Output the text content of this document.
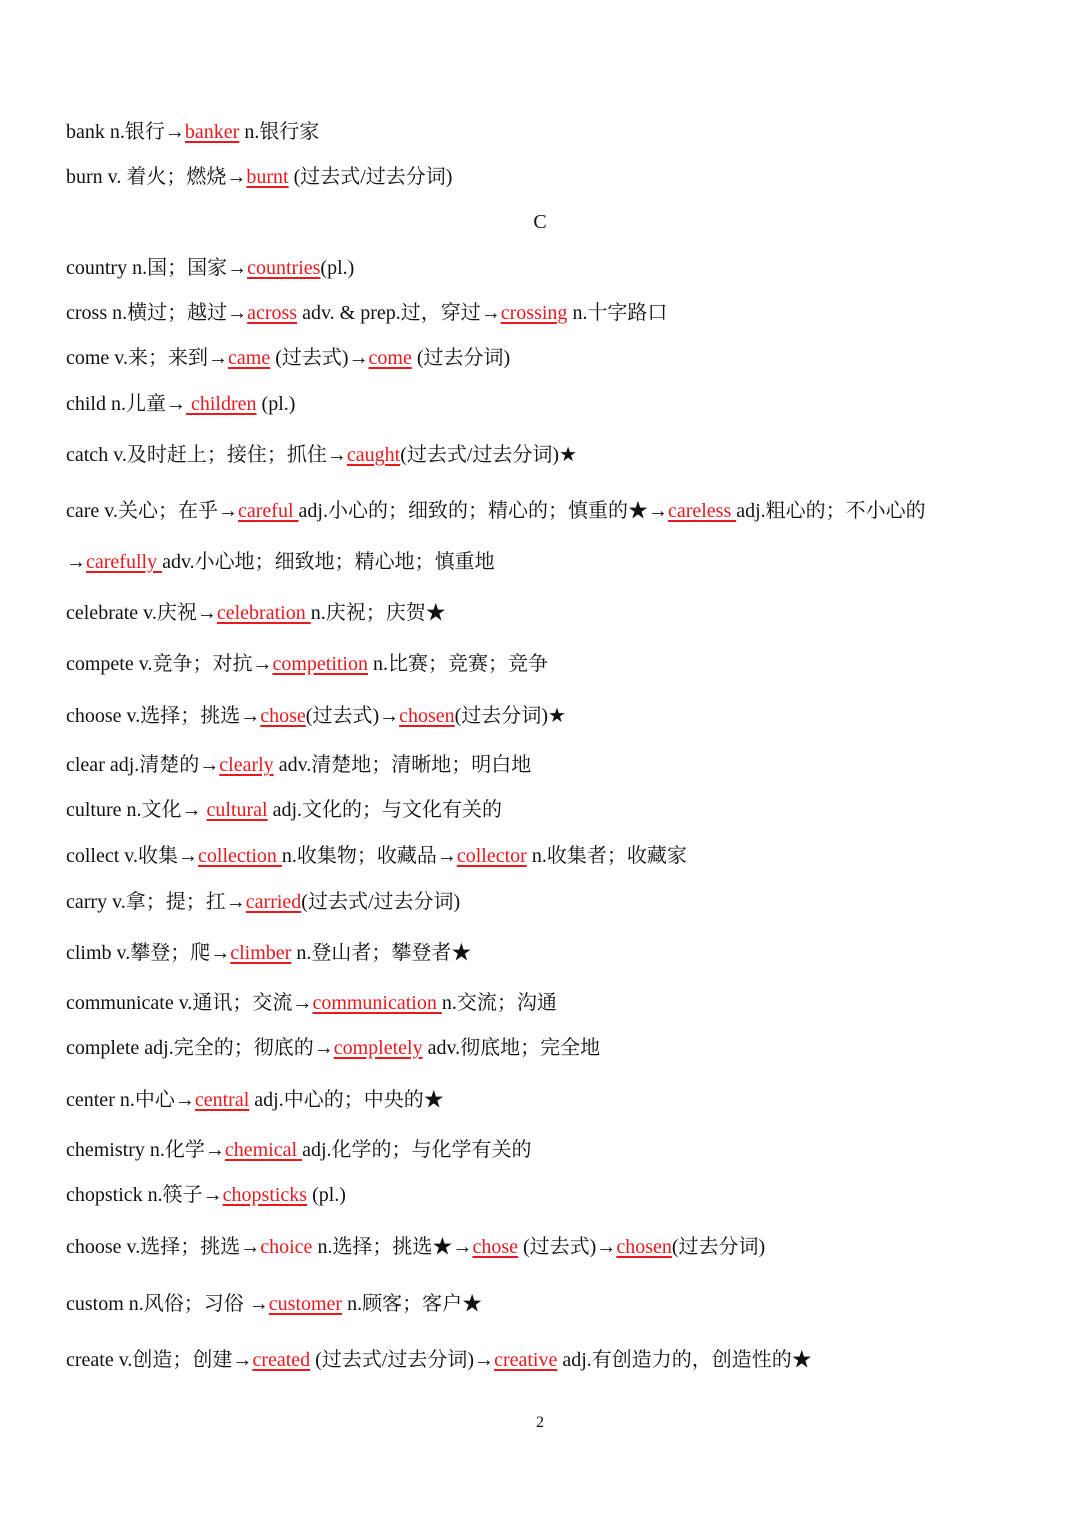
bank n.银行→banker n.银行家
burn v. 着火；燃烧→burnt (过去式/过去分词)
C
country n.国；国家→countries(pl.)
cross n.横过；越过→across adv. & prep.过，穿过→crossing n.十字路口
come v.来；来到→came (过去式)→come (过去分词)
child n.儿童→ children (pl.)
catch v.及时赶上；接住；抓住→caught(过去式/过去分词)★
care v.关心；在乎→careful adj.小心的；细致的；精心的；慎重的★→careless adj.粗心的；不小心的
→carefully adv.小心地；细致地；精心地；慎重地
celebrate v.庆祝→celebration n.庆祝；庆贺★
compete v.竞争；对抗→competition n.比赛；竞赛；竞争
choose v.选择；挑选→chose(过去式)→chosen(过去分词)★
clear adj.清楚的→clearly adv.清楚地；清晰地；明白地
culture n.文化→ cultural adj.文化的；与文化有关的
collect v.收集→collection n.收集物；收藏品→collector n.收集者；收藏家
carry v.拿；提；扛→carried(过去式/过去分词)
climb v.攀登；爬→climber n.登山者；攀登者★
communicate v.通讯；交流→communication n.交流；沟通
complete adj.完全的；彻底的→completely adv.彻底地；完全地
center n.中心→central adj.中心的；中央的★
chemistry n.化学→chemical adj.化学的；与化学有关的
chopstick n.筷子→chopsticks (pl.)
choose v.选择；挑选→choice n.选择；挑选★→chose (过去式)→chosen(过去分词)
custom n.风俗；习俗 →customer n.顾客；客户★
create v.创造；创建→created (过去式/过去分词)→creative adj.有创造力的，创造性的★
2
